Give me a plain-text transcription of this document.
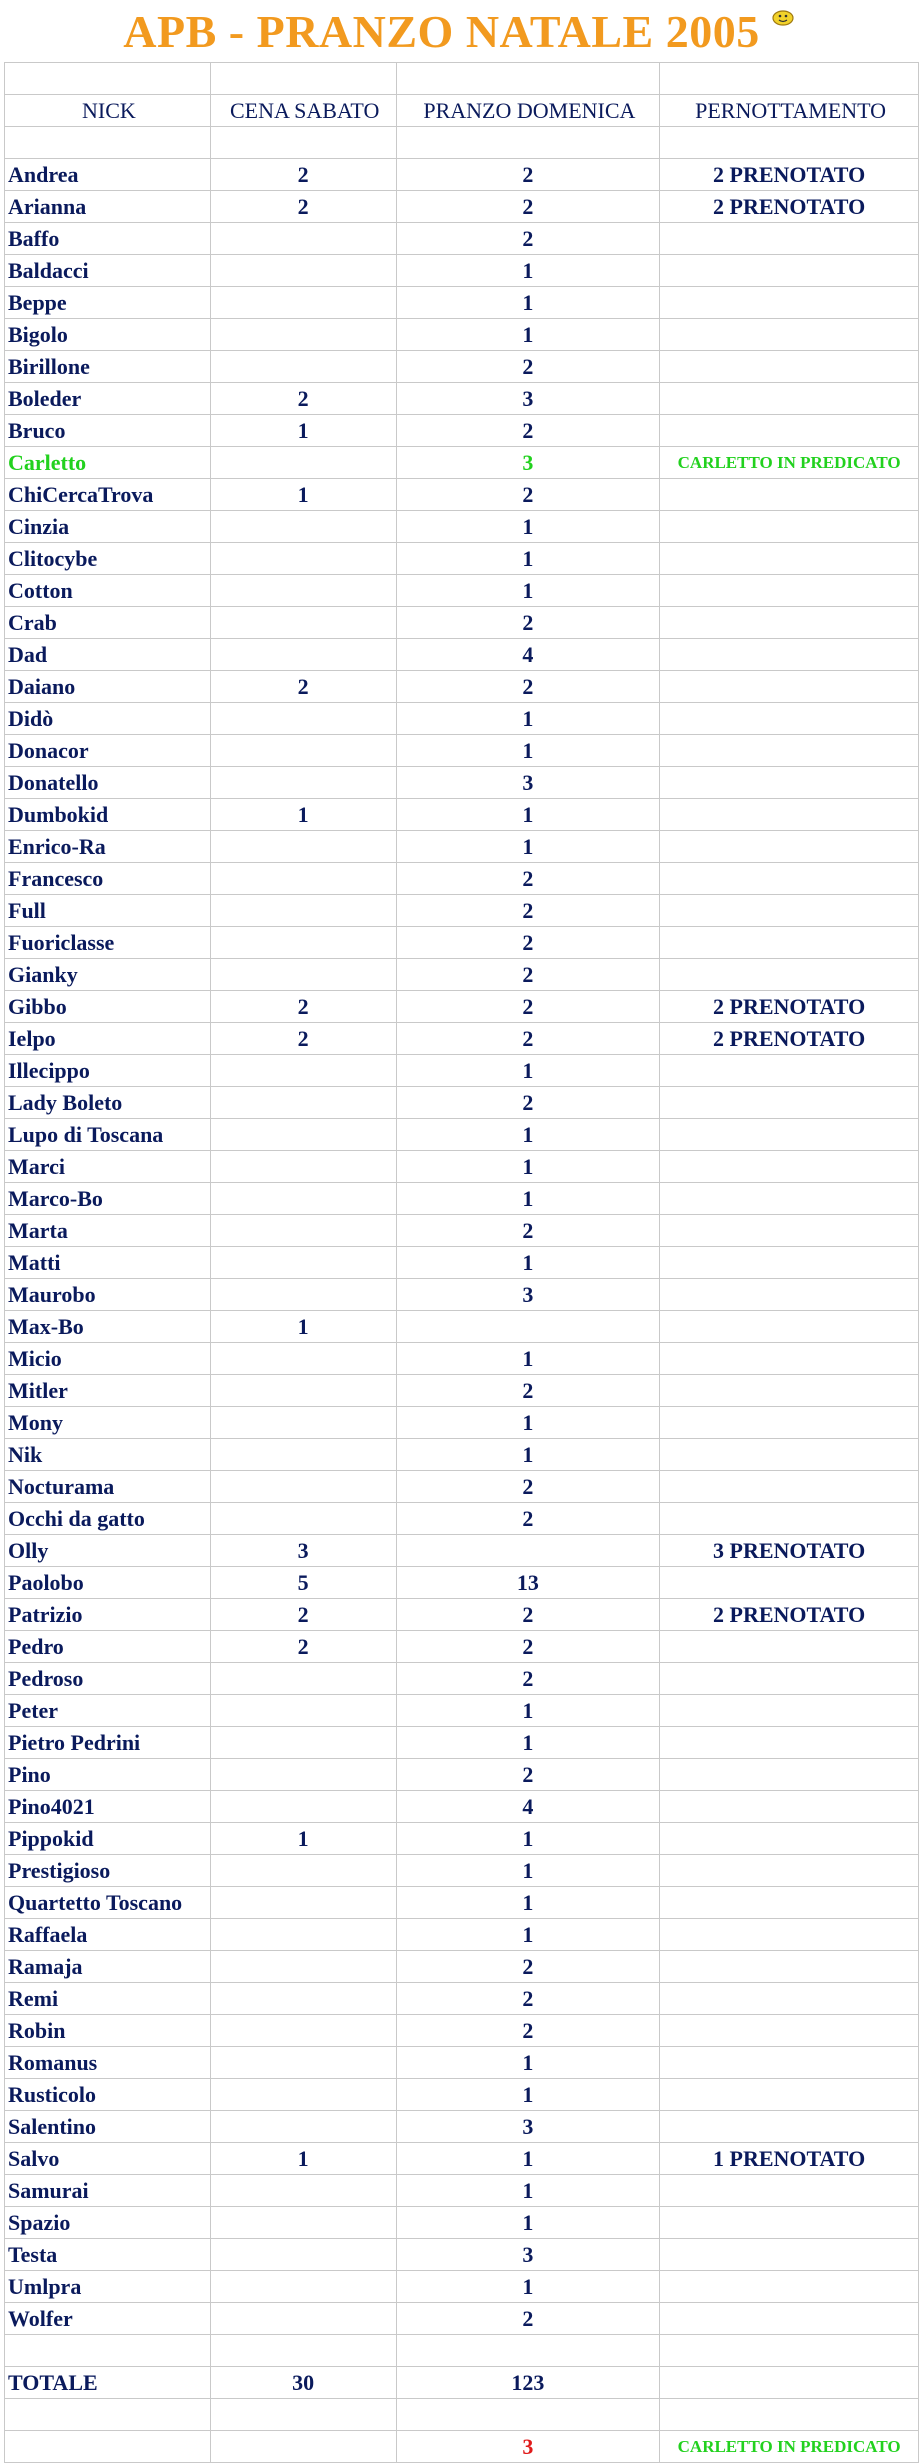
APB - PRANZO NATALE 2005

NICK	CENA SABATO	PRANZO DOMENICA	PERNOTTAMENTO

Andrea	2	2	2 PRENOTATO
Arianna	2	2	2 PRENOTATO
Baffo		2	
Baldacci		1	
Beppe		1	
Bigolo		1	
Birillone		2	
Boleder	2	3	
Bruco	1	2	
Carletto		3	CARLETTO IN PREDICATO
ChiCercaTrova	1	2	
Cinzia		1	
Clitocybe		1	
Cotton		1	
Crab		2	
Dad		4	
Daiano	2	2	
Didò		1	
Donacor		1	
Donatello		3	
Dumbokid	1	1	
Enrico-Ra		1	
Francesco		2	
Full		2	
Fuoriclasse		2	
Gianky		2	
Gibbo	2	2	2 PRENOTATO
Ielpo	2	2	2 PRENOTATO
Illecippo		1	
Lady Boleto		2	
Lupo di Toscana		1	
Marci		1	
Marco-Bo		1	
Marta		2	
Matti		1	
Maurobo		3	
Max-Bo	1		
Micio		1	
Mitler		2	
Mony		1	
Nik		1	
Nocturama		2	
Occhi da gatto		2	
Olly	3		3 PRENOTATO
Paolobo	5	13	
Patrizio	2	2	2 PRENOTATO
Pedro	2	2	
Pedroso		2	
Peter		1	
Pietro Pedrini		1	
Pino		2	
Pino4021		4	
Pippokid	1	1	
Prestigioso		1	
Quartetto Toscano		1	
Raffaela		1	
Ramaja		2	
Remi		2	
Robin		2	
Romanus		1	
Rusticolo		1	
Salentino		3	
Salvo	1	1	1 PRENOTATO
Samurai		1	
Spazio		1	
Testa		3	
Umlpra		1	
Wolfer		2	

TOTALE	30	123	

		3	CARLETTO IN PREDICATO
